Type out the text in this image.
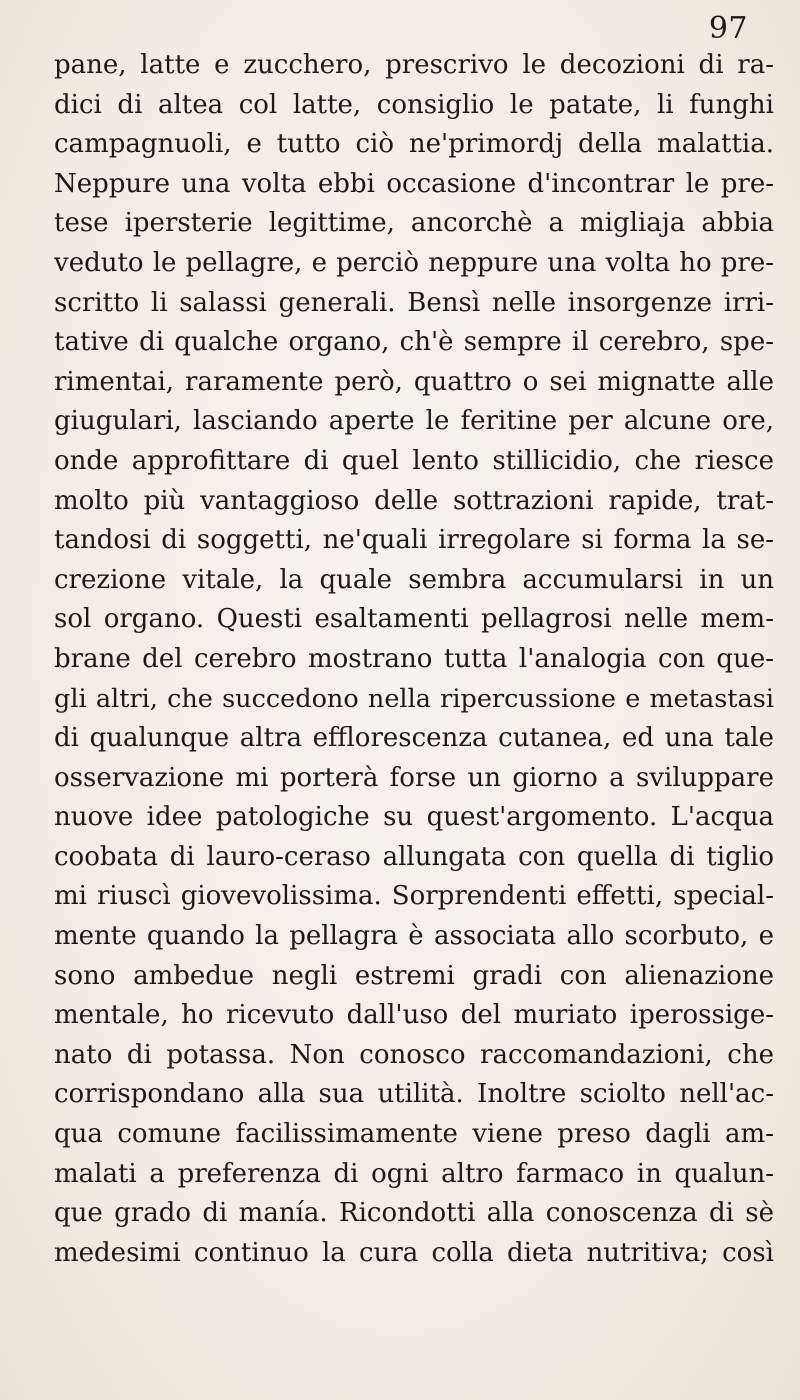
97
pane, latte e zucchero, prescrivo le decozioni di ra-
dici di altea col latte, consiglio le patate, li funghi
campagnuoli, e tutto ciò ne'primordj della malattia.
Neppure una volta ebbi occasione d'incontrar le pre-
tese ipersterie legittime, ancorchè a migliaja abbia
veduto le pellagre, e perciò neppure una volta ho pre-
scritto li salassi generali. Bensì nelle insorgenze irri-
tative di qualche organo, ch'è sempre il cerebro, spe-
rimentai, raramente però, quattro o sei mignatte alle
giugulari, lasciando aperte le feritine per alcune ore,
onde approfittare di quel lento stillicidio, che riesce
molto più vantaggioso delle sottrazioni rapide, trat-
tandosi di soggetti, ne'quali irregolare si forma la se-
crezione vitale, la quale sembra accumularsi in un
sol organo. Questi esaltamenti pellagrosi nelle mem-
brane del cerebro mostrano tutta l'analogia con que-
gli altri, che succedono nella ripercussione e metastasi
di qualunque altra efflorescenza cutanea, ed una tale
osservazione mi porterà forse un giorno a sviluppare
nuove idee patologiche su quest'argomento. L'acqua
coobata di lauro-ceraso allungata con quella di tiglio
mi riuscì giovevolissima. Sorprendenti effetti, special-
mente quando la pellagra è associata allo scorbuto, e
sono ambedue negli estremi gradi con alienazione
mentale, ho ricevuto dall'uso del muriato iperossige-
nato di potassa. Non conosco raccomandazioni, che
corrispondano alla sua utilità. Inoltre sciolto nell'ac-
qua comune facilissimamente viene preso dagli am-
malati a preferenza di ogni altro farmaco in qualun-
que grado di manía. Ricondotti alla conoscenza di sè
medesimi continuo la cura colla dieta nutritiva; così
